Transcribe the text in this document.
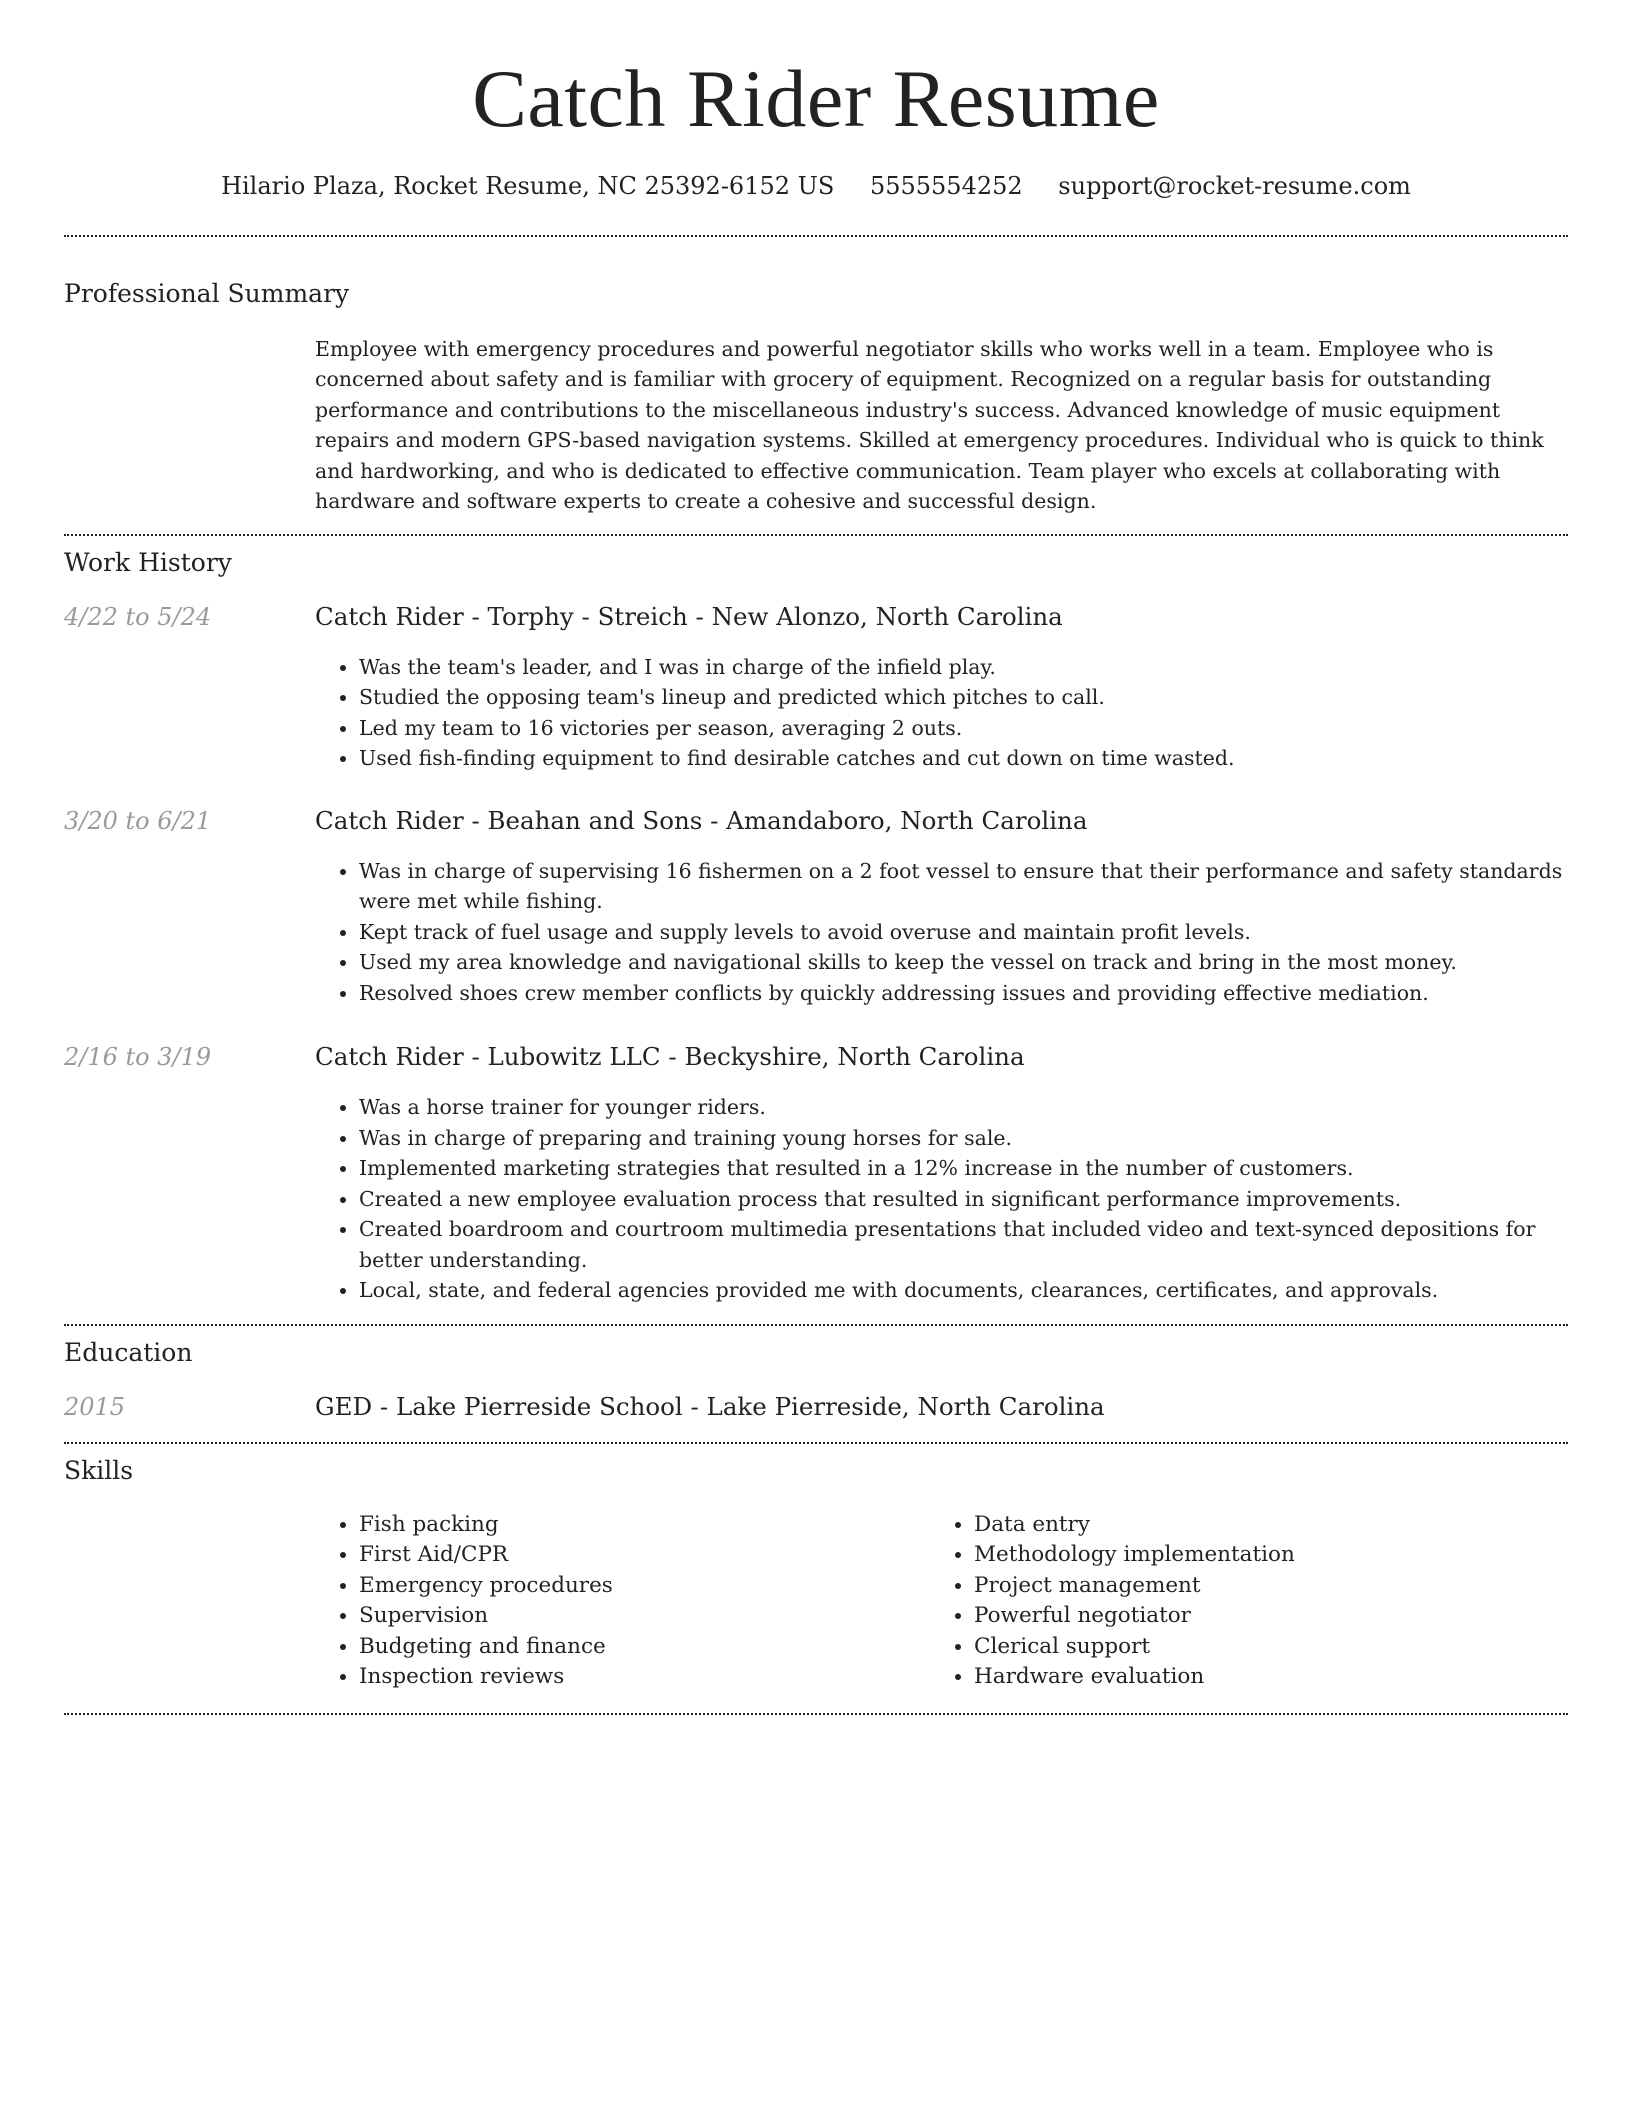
Catch Rider Resume
Hilario Plaza, Rocket Resume, NC 25392-6152 US 5555554252 support@rocket-resume.com
Professional Summary
Employee with emergency procedures and powerful negotiator skills who works well in a team. Employee who is concerned about safety and is familiar with grocery of equipment. Recognized on a regular basis for outstanding performance and contributions to the miscellaneous industry's success. Advanced knowledge of music equipment repairs and modern GPS-based navigation systems. Skilled at emergency procedures. Individual who is quick to think and hardworking, and who is dedicated to effective communication. Team player who excels at collaborating with hardware and software experts to create a cohesive and successful design.
Work History
4/22 to 5/24	Catch Rider - Torphy - Streich - New Alonzo, North Carolina
• Was the team's leader, and I was in charge of the infield play.
• Studied the opposing team's lineup and predicted which pitches to call.
• Led my team to 16 victories per season, averaging 2 outs.
• Used fish-finding equipment to find desirable catches and cut down on time wasted.
3/20 to 6/21	Catch Rider - Beahan and Sons - Amandaboro, North Carolina
• Was in charge of supervising 16 fishermen on a 2 foot vessel to ensure that their performance and safety standards were met while fishing.
• Kept track of fuel usage and supply levels to avoid overuse and maintain profit levels.
• Used my area knowledge and navigational skills to keep the vessel on track and bring in the most money.
• Resolved shoes crew member conflicts by quickly addressing issues and providing effective mediation.
2/16 to 3/19	Catch Rider - Lubowitz LLC - Beckyshire, North Carolina
• Was a horse trainer for younger riders.
• Was in charge of preparing and training young horses for sale.
• Implemented marketing strategies that resulted in a 12% increase in the number of customers.
• Created a new employee evaluation process that resulted in significant performance improvements.
• Created boardroom and courtroom multimedia presentations that included video and text-synced depositions for better understanding.
• Local, state, and federal agencies provided me with documents, clearances, certificates, and approvals.
Education
2015	GED - Lake Pierreside School - Lake Pierreside, North Carolina
Skills
• Fish packing
• First Aid/CPR
• Emergency procedures
• Supervision
• Budgeting and finance
• Inspection reviews
• Data entry
• Methodology implementation
• Project management
• Powerful negotiator
• Clerical support
• Hardware evaluation
